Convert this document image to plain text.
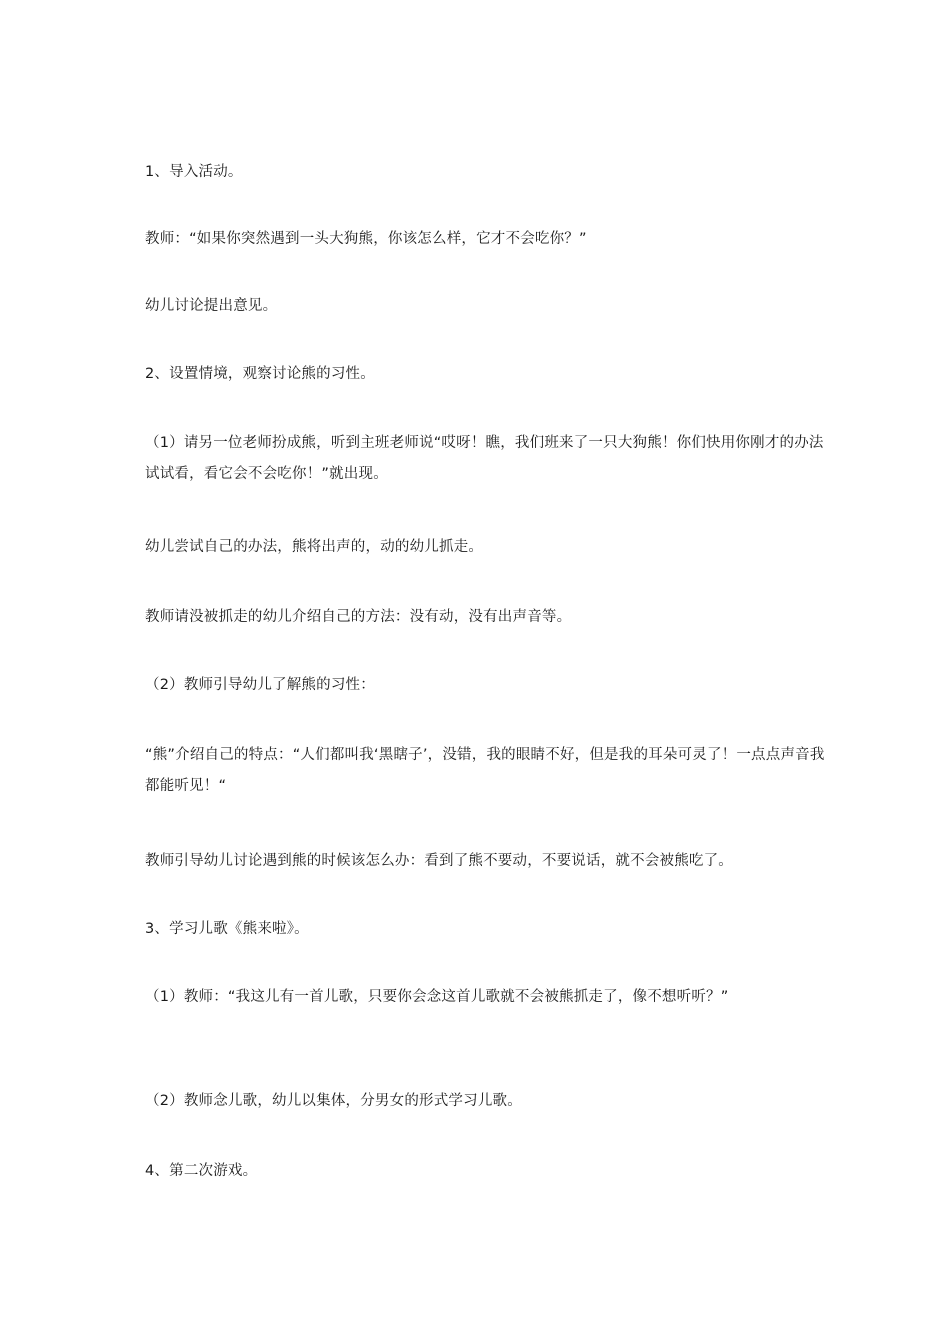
1、导入活动。

教师：“如果你突然遇到一头大狗熊，你该怎么样，它才不会吃你？”

幼儿讨论提出意见。

2、设置情境，观察讨论熊的习性。

（1）请另一位老师扮成熊，听到主班老师说“哎呀！瞧，我们班来了一只大狗熊！你们快用你刚才的办法试试看，看它会不会吃你！”就出现。

幼儿尝试自己的办法，熊将出声的，动的幼儿抓走。

教师请没被抓走的幼儿介绍自己的方法：没有动，没有出声音等。

（2）教师引导幼儿了解熊的习性：

“熊”介绍自己的特点：“人们都叫我‘黑瞎子’，没错，我的眼睛不好，但是我的耳朵可灵了！一点点声音我都能听见！“

教师引导幼儿讨论遇到熊的时候该怎么办：看到了熊不要动，不要说话，就不会被熊吃了。

3、学习儿歌《熊来啦》。

（1）教师：“我这儿有一首儿歌，只要你会念这首儿歌就不会被熊抓走了，像不想听听？”

（2）教师念儿歌，幼儿以集体，分男女的形式学习儿歌。

4、第二次游戏。
